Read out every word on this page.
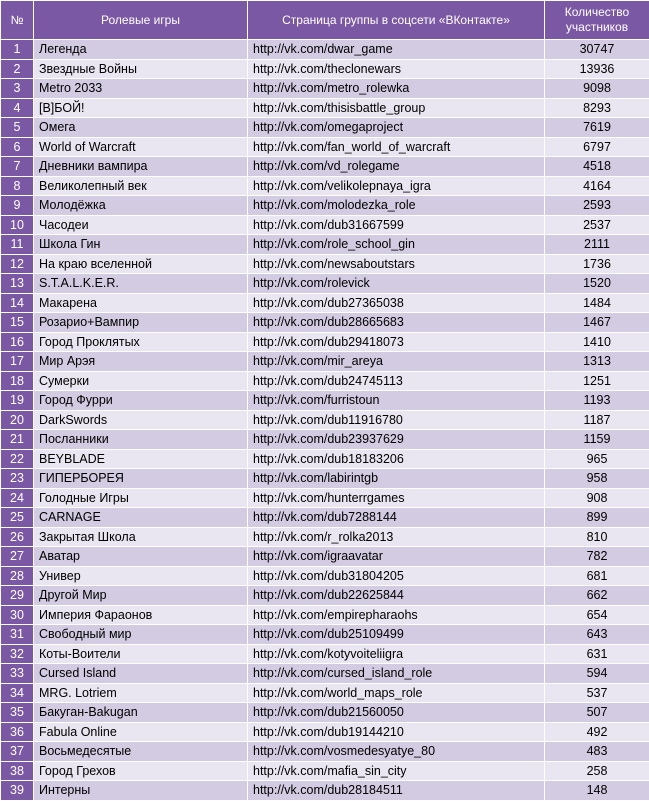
№	Ролевые игры	Страница группы в соцсети «ВКонтакте»	Количество участников
1	Легенда	http://vk.com/dwar_game	30747
2	Звездные Войны	http://vk.com/theclonewars	13936
3	Metro 2033	http://vk.com/metro_rolewka	9098
4	[В]БОЙ!	http://vk.com/thisisbattle_group	8293
5	Омега	http://vk.com/omegaproject	7619
6	World of Warcraft	http://vk.com/fan_world_of_warcraft	6797
7	Дневники вампира	http://vk.com/vd_rolegame	4518
8	Великолепный век	http://vk.com/velikolepnaya_igra	4164
9	Молодёжка	http://vk.com/molodezka_role	2593
10	Часодеи	http://vk.com/dub31667599	2537
11	Школа Гин	http://vk.com/role_school_gin	2111
12	На краю вселенной	http://vk.com/newsaboutstars	1736
13	S.T.A.L.K.E.R.	http://vk.com/rolevick	1520
14	Макарена	http://vk.com/dub27365038	1484
15	Розарио+Вампир	http://vk.com/dub28665683	1467
16	Город Проклятых	http://vk.com/dub29418073	1410
17	Мир Арэя	http://vk.com/mir_areya	1313
18	Сумерки	http://vk.com/dub24745113	1251
19	Город Фурри	http://vk.com/furristoun	1193
20	DarkSwords	http://vk.com/dub11916780	1187
21	Посланники	http://vk.com/dub23937629	1159
22	BEYBLADE	http://vk.com/dub18183206	965
23	ГИПЕРБОРЕЯ	http://vk.com/labirintgb	958
24	Голодные Игры	http://vk.com/hunterrgames	908
25	CARNAGE	http://vk.com/dub7288144	899
26	Закрытая Школа	http://vk.com/r_rolka2013	810
27	Аватар	http://vk.com/igraavatar	782
28	Универ	http://vk.com/dub31804205	681
29	Другой Мир	http://vk.com/dub22625844	662
30	Империя Фараонов	http://vk.com/empirepharaohs	654
31	Свободный мир	http://vk.com/dub25109499	643
32	Коты-Воители	http://vk.com/kotyvoiteliigra	631
33	Cursed Island	http://vk.com/cursed_island_role	594
34	MRG. Lotriem	http://vk.com/world_maps_role	537
35	Бакуган-Bakugan	http://vk.com/dub21560050	507
36	Fabula Online	http://vk.com/dub19144210	492
37	Восьмедесятые	http://vk.com/vosmedesyatye_80	483
38	Город Грехов	http://vk.com/mafia_sin_city	258
39	Интерны	http://vk.com/dub28184511	148
